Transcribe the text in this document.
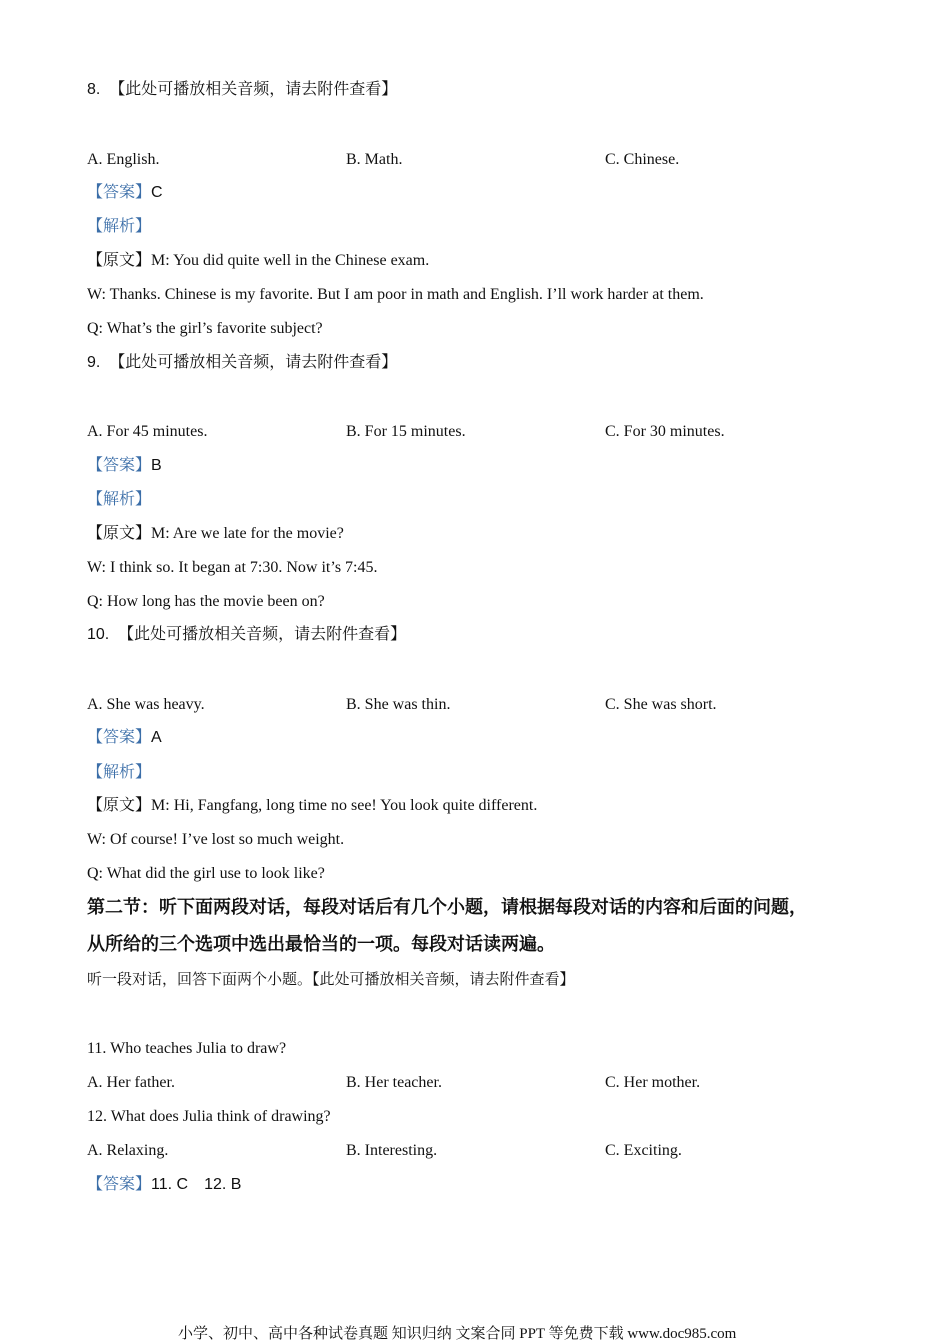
8. 【此处可播放相关音频，请去附件查看】
A. English.	B. Math.	C. Chinese.
【答案】C
【解析】
【原文】M: You did quite well in the Chinese exam.
W: Thanks. Chinese is my favorite. But I am poor in math and English. I’ll work harder at them.
Q: What’s the girl’s favorite subject?
9. 【此处可播放相关音频，请去附件查看】
A. For 45 minutes.	B. For 15 minutes.	C. For 30 minutes.
【答案】B
【解析】
【原文】M: Are we late for the movie?
W: I think so. It began at 7:30. Now it’s 7:45.
Q: How long has the movie been on?
10. 【此处可播放相关音频，请去附件查看】
A. She was heavy.	B. She was thin.	C. She was short.
【答案】A
【解析】
【原文】M: Hi, Fangfang, long time no see! You look quite different.
W: Of course! I’ve lost so much weight.
Q: What did the girl use to look like?
第二节：听下面两段对话，每段对话后有几个小题，请根据每段对话的内容和后面的问题，
从所给的三个选项中选出最恰当的一项。每段对话读两遍。
听一段对话，回答下面两个小题。【此处可播放相关音频，请去附件查看】
11. Who teaches Julia to draw?
A. Her father.	B. Her teacher.	C. Her mother.
12. What does Julia think of drawing?
A. Relaxing.	B. Interesting.	C. Exciting.
【答案】11. C　12. B
小学、初中、高中各种试卷真题 知识归纳 文案合同 PPT 等免费下载 www.doc985.com
